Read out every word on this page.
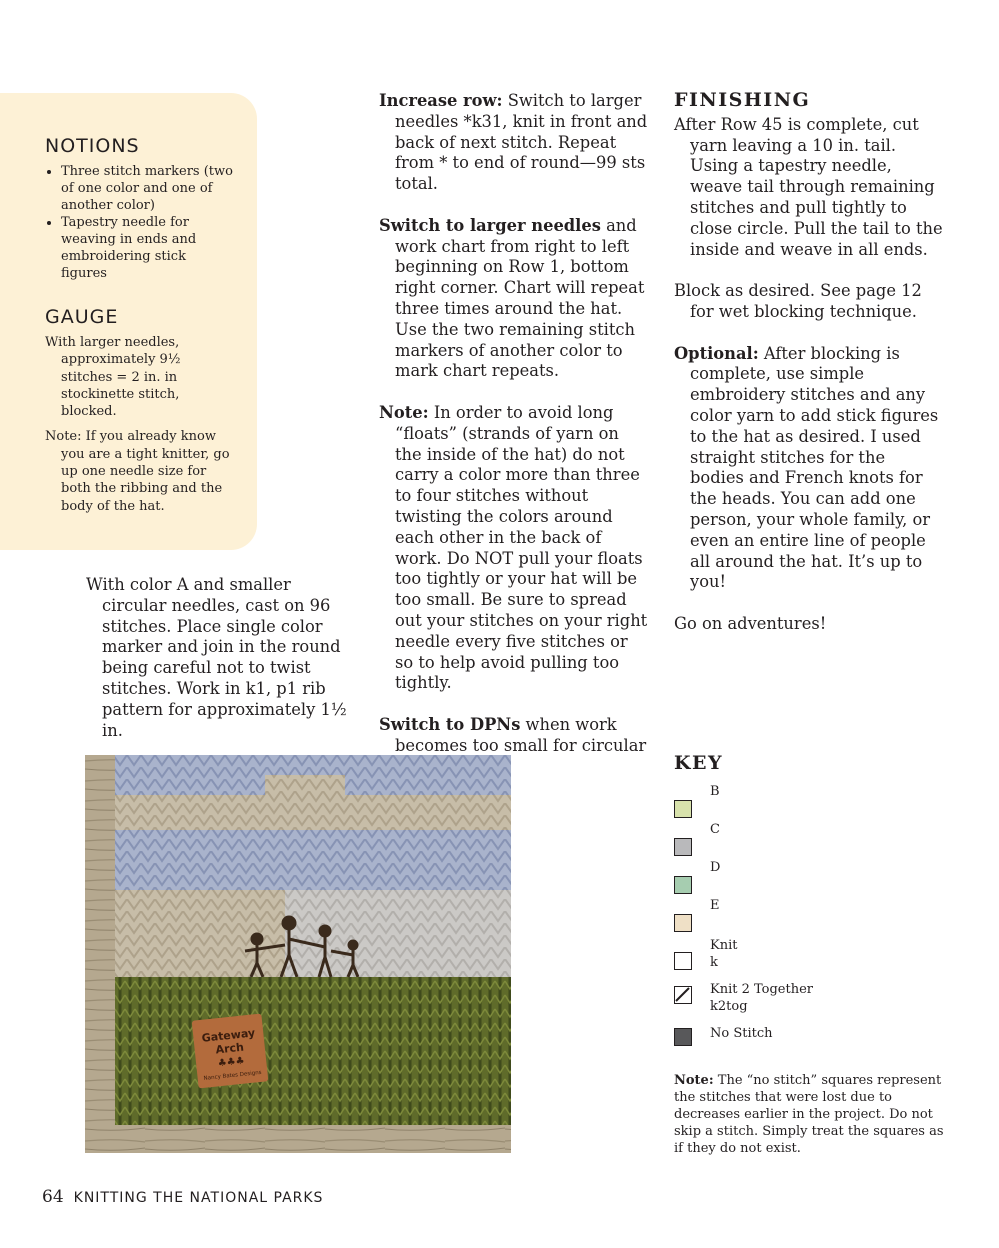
NOTIONS
• Three stitch markers (two of one color and one of another color)
• Tapestry needle for weaving in ends and embroidering stick figures
GAUGE

With larger needles, approximately 9½ stitches = 2 in. in stockinette stitch, blocked.

Note: If you already know you are a tight knitter, go up one needle size for both the ribbing and the body of the hat.

With color A and smaller circular needles, cast on 96 stitches. Place single color marker and join in the round being careful not to twist stitches. Work in k1, p1 rib pattern for approximately 1½ in.

Increase row: Switch to larger needles *k31, knit in front and back of next stitch. Repeat from * to end of round—99 sts total.

Switch to larger needles and work chart from right to left beginning on Row 1, bottom right corner. Chart will repeat three times around the hat. Use the two remaining stitch markers of another color to mark chart repeats.

Note: In order to avoid long “floats” (strands of yarn on the inside of the hat) do not carry a color more than three to four stitches without twisting the colors around each other in the back of work. Do NOT pull your floats too tightly or your hat will be too small. Be sure to spread out your stitches on your right needle every five stitches or so to help avoid pulling too tightly.

Switch to DPNs when work becomes too small for circular

FINISHING

After Row 45 is complete, cut yarn leaving a 10 in. tail. Using a tapestry needle, weave tail through remaining stitches and pull tightly to close circle. Pull the tail to the inside and weave in all ends.

Block as desired. See page 12 for wet blocking technique.

Optional: After blocking is complete, use simple embroidery stitches and any color yarn to add stick figures to the hat as desired. I used straight stitches for the bodies and French knots for the heads. You can add one person, your whole family, or even an entire line of people all around the hat. It’s up to you!

Go on adventures!

Gateway
Arch
♣♣♣
Nancy Bates Designs
KEY
B
C
D
E
Knit
k
Knit 2 Together
k2tog
No Stitch
Note: The “no stitch” squares represent the stitches that were lost due to decreases earlier in the project. Do not skip a stitch. Simply treat the squares as if they do not exist.
64 KNITTING THE NATIONAL PARKS
